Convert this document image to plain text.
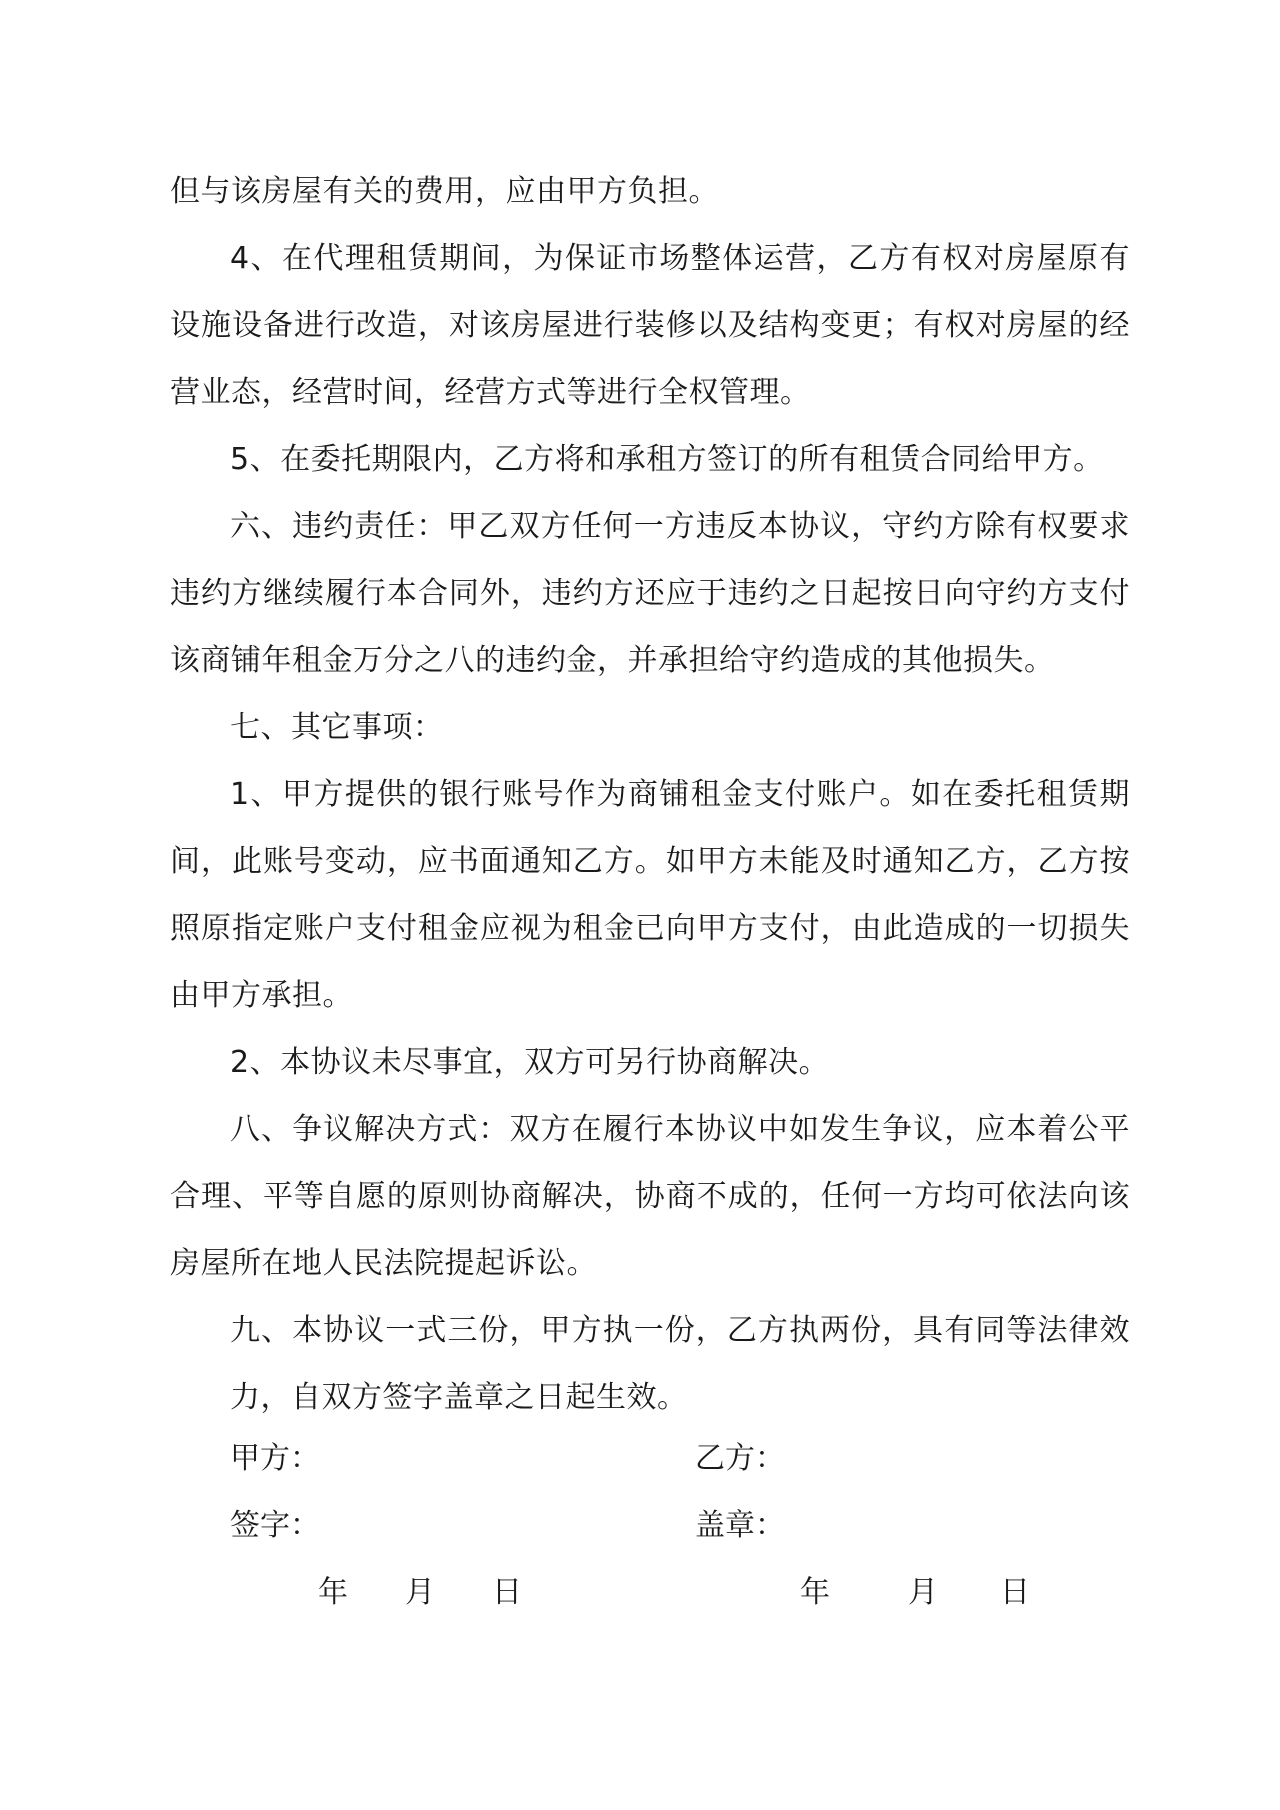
但与该房屋有关的费用，应由甲方负担。

4、在代理租赁期间，为保证市场整体运营，乙方有权对房屋原有设施设备进行改造，对该房屋进行装修以及结构变更；有权对房屋的经营业态，经营时间，经营方式等进行全权管理。

5、在委托期限内，乙方将和承租方签订的所有租赁合同给甲方。

六、违约责任：甲乙双方任何一方违反本协议，守约方除有权要求违约方继续履行本合同外，违约方还应于违约之日起按日向守约方支付该商铺年租金万分之八的违约金，并承担给守约造成的其他损失。

七、其它事项：

1、甲方提供的银行账号作为商铺租金支付账户。如在委托租赁期间，此账号变动，应书面通知乙方。如甲方未能及时通知乙方，乙方按照原指定账户支付租金应视为租金已向甲方支付，由此造成的一切损失由甲方承担。

2、本协议未尽事宜，双方可另行协商解决。

八、争议解决方式：双方在履行本协议中如发生争议，应本着公平合理、平等自愿的原则协商解决，协商不成的，任何一方均可依法向该房屋所在地人民法院提起诉讼。

九、本协议一式三份，甲方执一份，乙方执两份，具有同等法律效力，自双方签字盖章之日起生效。

甲方：	乙方：
签字：	盖章：
年 月 日	年	月 日
